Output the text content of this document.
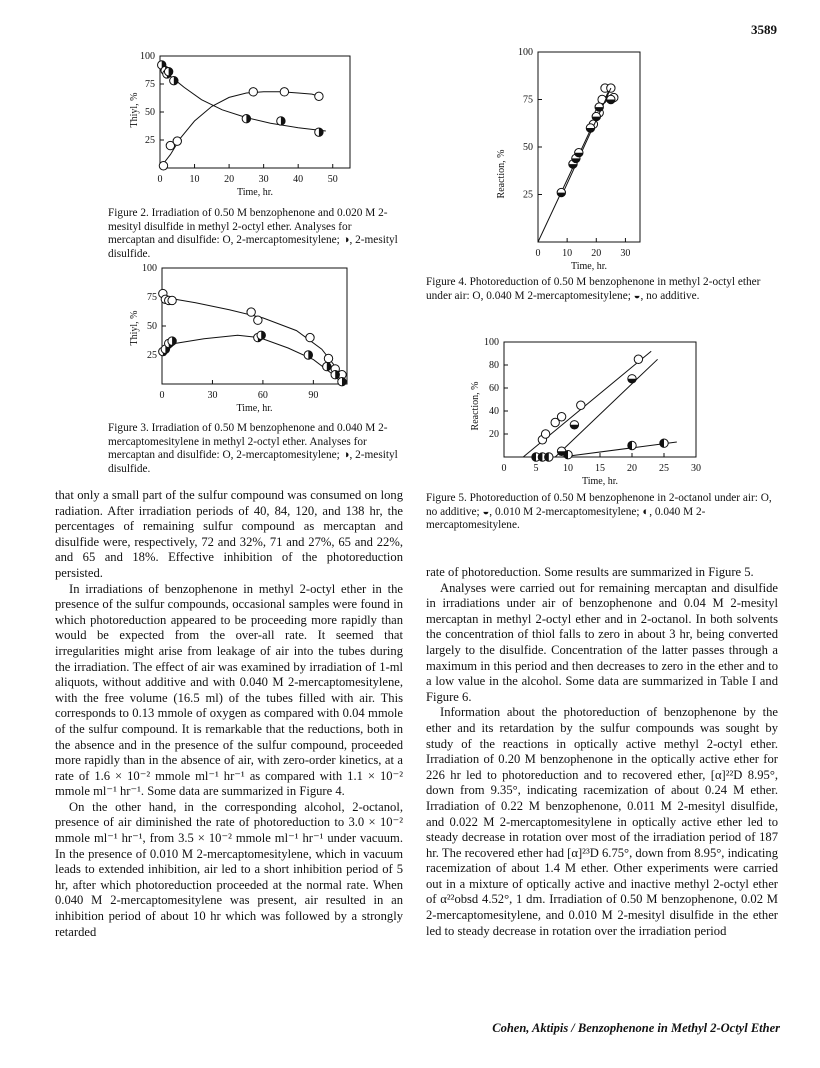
3589
Thiyl, %
0	10 20 30 40 50
25
50
75
100
Time, hr.
Figure 2. Irradiation of 0.50 M benzophenone and 0.020 M 2-mesityl disulfide in methyl 2-octyl ether. Analyses for mercaptan and disulfide: O, 2-mercaptomesitylene; ◑, 2-mesityl disulfide.
Thiyl, %
0	30	60	90
25
50
75
100
Time, hr.
Figure 3. Irradiation of 0.50 M benzophenone and 0.040 M 2-mercaptomesitylene in methyl 2-octyl ether. Analyses for mercaptan and disulfide: O, 2-mercaptomesitylene; ◑, 2-mesityl disulfide.
Reaction, %
0 10 20 30
25
50
75
100
Time, hr.
Figure 4. Photoreduction of 0.50 M benzophenone in methyl 2-octyl ether under air: O, 0.040 M 2-mercaptomesitylene; ◒, no additive.
Reaction, %
0	5 10 15 20 25 30
20
40
60
80
100
Time, hr.
Figure 5. Photoreduction of 0.50 M benzophenone in 2-octanol under air: O, no additive; ◒, 0.010 M 2-mercaptomesitylene; ◐, 0.040 M 2-mercaptomesitylene.

that only a small part of the sulfur compound was consumed on long radiation. After irradiation periods of 40, 84, 120, and 138 hr, the percentages of remaining sulfur compound as mercaptan and disulfide were, respectively, 72 and 32%, 71 and 27%, 65 and 22%, and 65 and 18%. Effective inhibition of the photoreduction persisted.

In irradiations of benzophenone in methyl 2-octyl ether in the presence of the sulfur compounds, occasional samples were found in which photoreduction appeared to be proceeding more rapidly than would be expected from the over-all rate. It seemed that irregularities might arise from leakage of air into the tubes during the irradiation. The effect of air was examined by irradiation of 1-ml aliquots, without additive and with 0.040 M 2-mercaptomesitylene, with the free volume (16.5 ml) of the tubes filled with air. This corresponds to 0.13 mmole of oxygen as compared with 0.04 mmole of the sulfur compound. It is remarkable that the reductions, both in the absence and in the presence of the sulfur compound, proceeded more rapidly than in the absence of air, with zero-order kinetics, at a rate of 1.6 × 10⁻² mmole ml⁻¹ hr⁻¹ as compared with 1.1 × 10⁻² mmole ml⁻¹ hr⁻¹. Some data are summarized in Figure 4.

On the other hand, in the corresponding alcohol, 2-octanol, presence of air diminished the rate of photoreduction to 3.0 × 10⁻² mmole ml⁻¹ hr⁻¹, from 3.5 × 10⁻² mmole ml⁻¹ hr⁻¹ under vacuum. In the presence of 0.010 M 2-mercaptomesitylene, which in vacuum leads to extended inhibition, air led to a short inhibition period of 5 hr, after which photoreduction proceeded at the normal rate. When 0.040 M 2-mercaptomesitylene was present, air resulted in an inhibition period of about 10 hr which was followed by a strongly retarded

rate of photoreduction. Some results are summarized in Figure 5.

Analyses were carried out for remaining mercaptan and disulfide in irradiations under air of benzophenone and 0.04 M 2-mesityl mercaptan in methyl 2-octyl ether and in 2-octanol. In both solvents the concentration of thiol falls to zero in about 3 hr, being converted largely to the disulfide. Concentration of the latter passes through a maximum in this period and then decreases to zero in the ether and to a low value in the alcohol. Some data are summarized in Table I and Figure 6.

Information about the photoreduction of benzophenone by the ether and its retardation by the sulfur compounds was sought by study of the reactions in optically active methyl 2-octyl ether. Irradiation of 0.20 M benzophenone in the optically active ether for 226 hr led to photoreduction and to recovered ether, [α]²²D 8.95°, down from 9.35°, indicating racemization of about 0.24 M ether. Irradiation of 0.22 M benzophenone, 0.011 M 2-mesityl disulfide, and 0.022 M 2-mercaptomesitylene in optically active ether led to steady decrease in rotation over most of the irradiation period of 187 hr. The recovered ether had [α]²³D 6.75°, down from 8.95°, indicating racemization of about 1.4 M ether. Other experiments were carried out in a mixture of optically active and inactive methyl 2-octyl ether of α²²obsd 4.52°, 1 dm. Irradiation of 0.50 M benzophenone, 0.02 M 2-mercaptomesitylene, and 0.010 M 2-mesityl disulfide in the ether led to steady decrease in rotation over the irradiation period

Cohen, Aktipis / Benzophenone in Methyl 2-Octyl Ether
